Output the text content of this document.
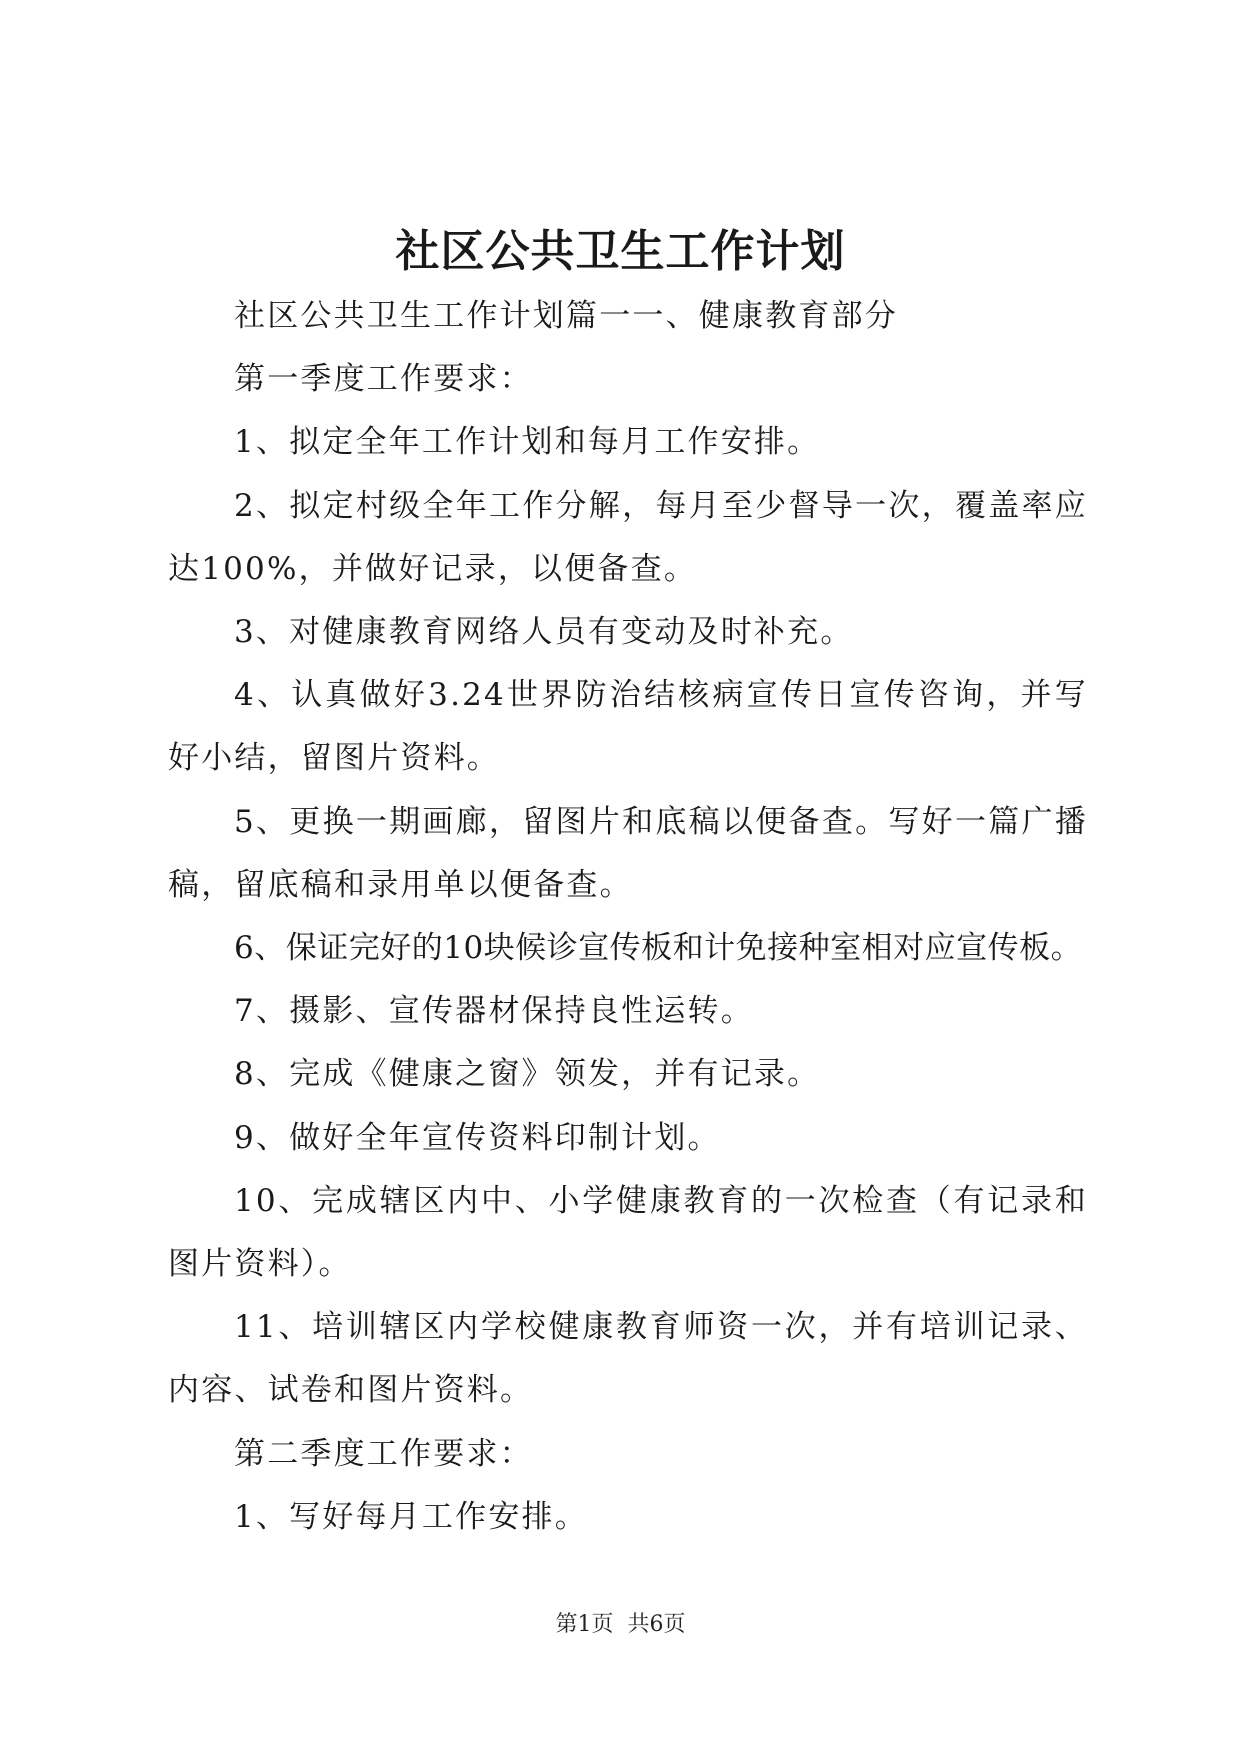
社区公共卫生工作计划

社区公共卫生工作计划篇一一、健康教育部分

第一季度工作要求：

1、拟定全年工作计划和每月工作安排。

2、拟定村级全年工作分解，每月至少督导一次，覆盖率应达100%，并做好记录，以便备查。

3、对健康教育网络人员有变动及时补充。

4、认真做好3.24世界防治结核病宣传日宣传咨询，并写好小结，留图片资料。

5、更换一期画廊，留图片和底稿以便备查。写好一篇广播稿，留底稿和录用单以便备查。

6、保证完好的10块候诊宣传板和计免接种室相对应宣传板。

7、摄影、宣传器材保持良性运转。

8、完成《健康之窗》领发，并有记录。

9、做好全年宣传资料印制计划。

10、完成辖区内中、小学健康教育的一次检查（有记录和图片资料）。

11、培训辖区内学校健康教育师资一次，并有培训记录、内容、试卷和图片资料。

第二季度工作要求：

1、写好每月工作安排。

第1页  共6页
